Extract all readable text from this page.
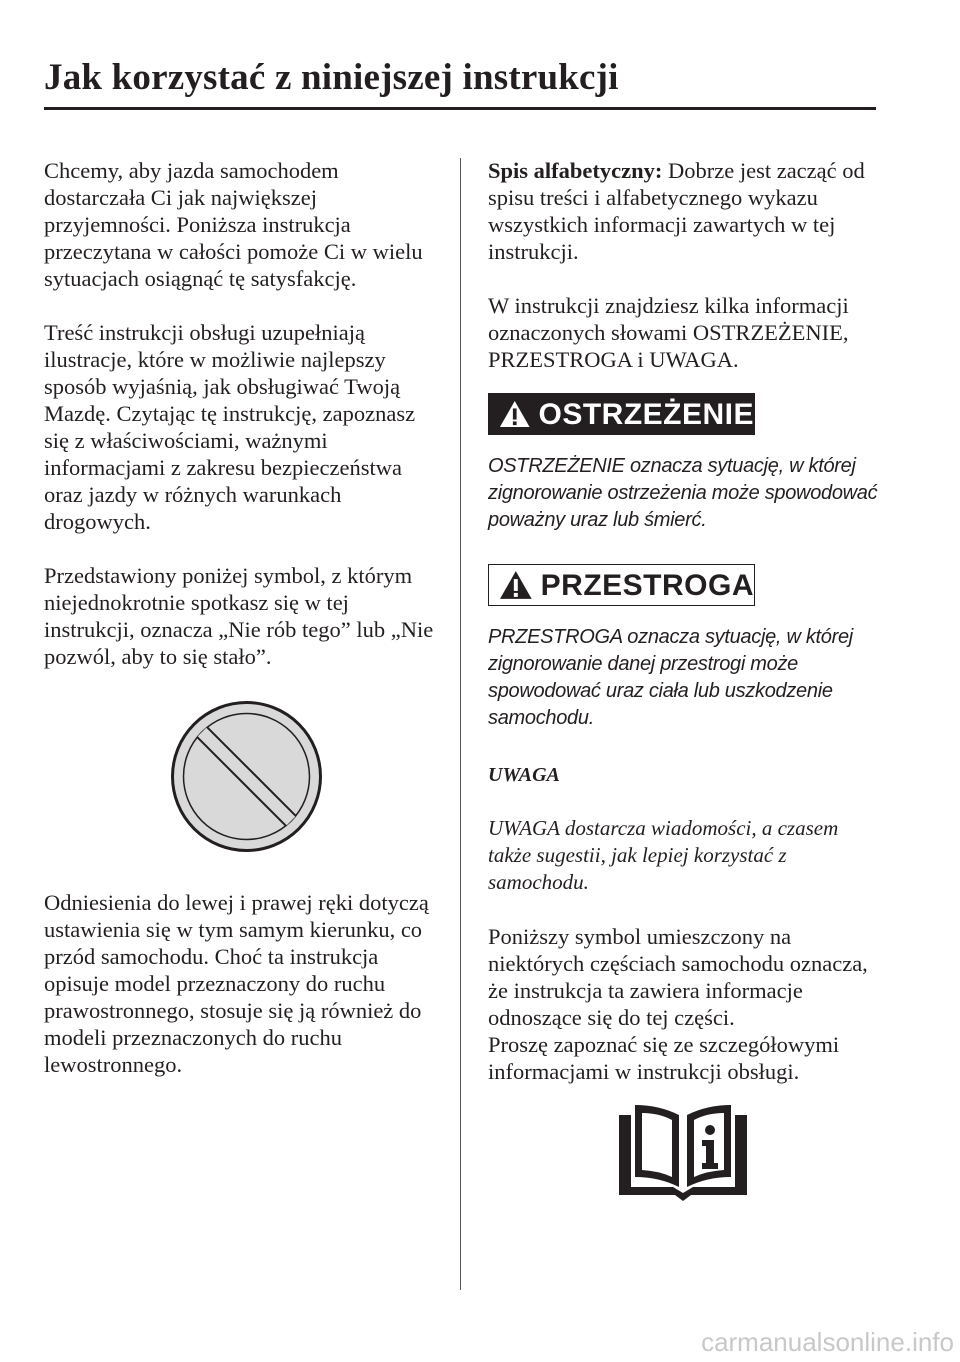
Jak korzystać z niniejszej instrukcji

Chcemy, aby jazda samochodem dostarczała Ci jak największej przyjemności. Poniższa instrukcja przeczytana w całości pomoże Ci w wielu sytuacjach osiągnąć tę satysfakcję.

Treść instrukcji obsługi uzupełniają ilustracje, które w możliwie najlepszy sposób wyjaśnią, jak obsługiwać Twoją Mazdę. Czytając tę instrukcję, zapoznasz się z właściwościami, ważnymi informacjami z zakresu bezpieczeństwa oraz jazdy w różnych warunkach drogowych.

Przedstawiony poniżej symbol, z którym niejednokrotnie spotkasz się w tej instrukcji, oznacza „Nie rób tego” lub „Nie pozwól, aby to się stało”.

Odniesienia do lewej i prawej ręki dotyczą ustawienia się w tym samym kierunku, co przód samochodu. Choć ta instrukcja opisuje model przeznaczony do ruchu prawostronnego, stosuje się ją również do modeli przeznaczonych do ruchu lewostronnego.

Spis alfabetyczny: Dobrze jest zacząć od spisu treści i alfabetycznego wykazu wszystkich informacji zawartych w tej instrukcji.

W instrukcji znajdziesz kilka informacji oznaczonych słowami OSTRZEŻENIE, PRZESTROGA i UWAGA.

OSTRZEŻENIE

OSTRZEŻENIE oznacza sytuację, w której zignorowanie ostrzeżenia może spowodować poważny uraz lub śmierć.

PRZESTROGA

PRZESTROGA oznacza sytuację, w której zignorowanie danej przestrogi może spowodować uraz ciała lub uszkodzenie samochodu.

UWAGA

UWAGA dostarcza wiadomości, a czasem także sugestii, jak lepiej korzystać z samochodu.

Poniższy symbol umieszczony na niektórych częściach samochodu oznacza, że instrukcja ta zawiera informacje odnoszące się do tej części.

Proszę zapoznać się ze szczegółowymi informacjami w instrukcji obsługi.

carmanualsonline.info
